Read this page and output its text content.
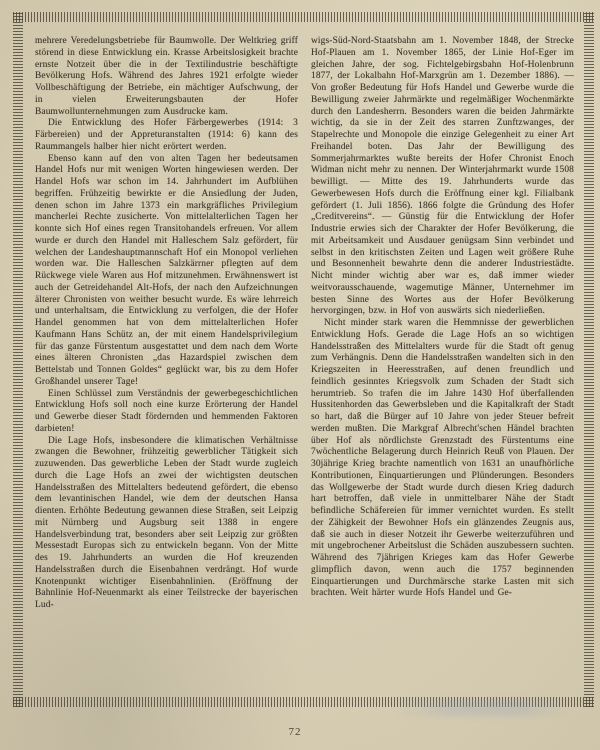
mehrere Veredelungsbetriebe für Baumwolle. Der Weltkrieg griff störend in diese Entwicklung ein. Krasse Arbeitslosigkeit brachte ernste Notzeit über die in der Textilindustrie beschäftigte Bevölkerung Hofs. Während des Jahres 1921 erfolgte wieder Vollbeschäftigung der Betriebe, ein mächtiger Aufschwung, der in vielen Erweiterungsbauten der Hofer Baumwollunternehmungen zum Ausdrucke kam.

Die Entwicklung des Hofer Färbergewerbes (1914: 3 Färbereien) und der Appreturanstalten (1914: 6) kann des Raummangels halber hier nicht erörtert werden.

Ebenso kann auf den von alten Tagen her bedeutsamen Handel Hofs nur mit wenigen Worten hingewiesen werden. Der Handel Hofs war schon im 14. Jahrhundert im Aufblühen begriffen. Frühzeitig bewirkte er die Ansiedlung der Juden, denen schon im Jahre 1373 ein markgräfliches Privilegium mancherlei Rechte zusicherte. Von mittelalterlichen Tagen her konnte sich Hof eines regen Transitohandels erfreuen. Vor allem wurde er durch den Handel mit Halleschem Salz gefördert, für welchen der Landeshauptmannschaft Hof ein Monopol verliehen worden war. Die Halleschen Salzkärrner pflegten auf dem Rückwege viele Waren aus Hof mitzunehmen. Erwähnenswert ist auch der Getreidehandel Alt-Hofs, der nach den Aufzeichnungen älterer Chronisten von weither besucht wurde. Es wäre lehrreich und unterhaltsam, die Entwicklung zu verfolgen, die der Hofer Handel genommen hat von dem mittelalterlichen Hofer Kaufmann Hans Schütz an, der mit einem Handelsprivilegium für das ganze Fürstentum ausgestattet und dem nach dem Worte eines älteren Chronisten „das Hazardspiel zwischen dem Bettelstab und Tonnen Goldes“ geglückt war, bis zu dem Hofer Großhandel unserer Tage!

Einen Schlüssel zum Verständnis der gewerbegeschichtlichen Entwicklung Hofs soll noch eine kurze Erörterung der Handel und Gewerbe dieser Stadt fördernden und hemmenden Faktoren darbieten!

Die Lage Hofs, insbesondere die klimatischen Verhältnisse zwangen die Bewohner, frühzeitig gewerblicher Tätigkeit sich zuzuwenden. Das gewerbliche Leben der Stadt wurde zugleich durch die Lage Hofs an zwei der wichtigsten deutschen Handelsstraßen des Mittelalters bedeutend gefördert, die ebenso dem levantinischen Handel, wie dem der deutschen Hansa dienten. Erhöhte Bedeutung gewannen diese Straßen, seit Leipzig mit Nürnberg und Augsburg seit 1388 in engere Handelsverbindung trat, besonders aber seit Leipzig zur größten Messestadt Europas sich zu entwickeln begann. Von der Mitte des 19. Jahrhunderts an wurden die Hof kreuzenden Handelsstraßen durch die Eisenbahnen verdrängt. Hof wurde Knotenpunkt wichtiger Eisenbahnlinien. (Eröffnung der Bahnlinie Hof-Neuenmarkt als einer Teilstrecke der bayerischen Lud-

wigs-Süd-Nord-Staatsbahn am 1. November 1848, der Strecke Hof-Plauen am 1. November 1865, der Linie Hof-Eger im gleichen Jahre, der sog. Fichtelgebirgsbahn Hof-Holenbrunn 1877, der Lokalbahn Hof-Marxgrün am 1. Dezember 1886). — Von großer Bedeutung für Hofs Handel und Gewerbe wurde die Bewilligung zweier Jahrmärkte und regelmäßiger Wochenmärkte durch den Landesherrn. Besonders waren die beiden Jahrmärkte wichtig, da sie in der Zeit des starren Zunftzwanges, der Stapelrechte und Monopole die einzige Gelegenheit zu einer Art Freihandel boten. Das Jahr der Bewilligung des Sommerjahrmarktes wußte bereits der Hofer Chronist Enoch Widman nicht mehr zu nennen. Der Winterjahrmarkt wurde 1508 bewilligt. — Mitte des 19. Jahrhunderts wurde das Gewerbewesen Hofs durch die Eröffnung einer kgl. Filialbank gefördert (1. Juli 1856). 1866 folgte die Gründung des Hofer „Creditvereins“. — Günstig für die Entwicklung der Hofer Industrie erwies sich der Charakter der Hofer Bevölkerung, die mit Arbeitsamkeit und Ausdauer genügsam Sinn verbindet und selbst in den kritischsten Zeiten und Lagen weit größere Ruhe und Besonnenheit bewahrte denn die anderer Industriestädte. Nicht minder wichtig aber war es, daß immer wieder weitvorausschauende, wagemutige Männer, Unternehmer im besten Sinne des Wortes aus der Hofer Bevölkerung hervorgingen, bzw. in Hof von auswärts sich niederließen.

Nicht minder stark waren die Hemmnisse der gewerblichen Entwicklung Hofs. Gerade die Lage Hofs an so wichtigen Handelsstraßen des Mittelalters wurde für die Stadt oft genug zum Verhängnis. Denn die Handelsstraßen wandelten sich in den Kriegszeiten in Heeresstraßen, auf denen freundlich und feindlich gesinntes Kriegsvolk zum Schaden der Stadt sich herumtrieb. So trafen die im Jahre 1430 Hof überfallenden Hussitenhorden das Gewerbsleben und die Kapitalkraft der Stadt so hart, daß die Bürger auf 10 Jahre von jeder Steuer befreit werden mußten. Die Markgraf Albrecht'schen Händel brachten über Hof als nördlichste Grenzstadt des Fürstentums eine 7wöchentliche Belagerung durch Heinrich Reuß von Plauen. Der 30jährige Krieg brachte namentlich von 1631 an unaufhörliche Kontributionen, Einquartierungen und Plünderungen. Besonders das Wollgewerbe der Stadt wurde durch diesen Krieg dadurch hart betroffen, daß viele in unmittelbarer Nähe der Stadt befindliche Schäfereien für immer vernichtet wurden. Es stellt der Zähigkeit der Bewohner Hofs ein glänzendes Zeugnis aus, daß sie auch in dieser Notzeit ihr Gewerbe weiterzuführen und mit ungebrochener Arbeitslust die Schäden auszubessern suchten. Während des 7jährigen Krieges kam das Hofer Gewerbe glimpflich davon, wenn auch die 1757 beginnenden Einquartierungen und Durchmärsche starke Lasten mit sich brachten. Weit härter wurde Hofs Handel und Ge-

72
